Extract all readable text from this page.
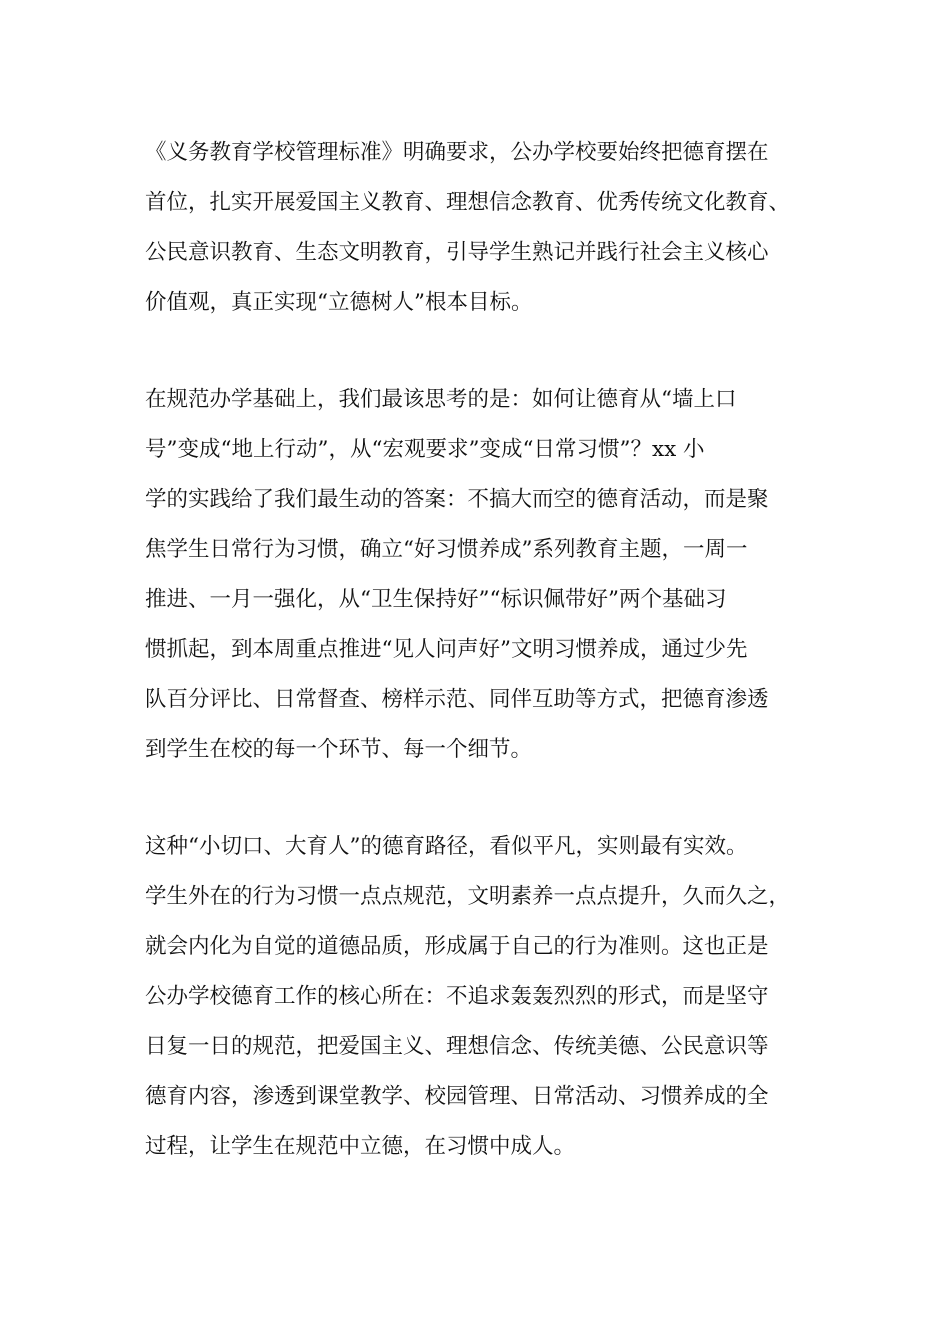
《义务教育学校管理标准》明确要求，公办学校要始终把德育摆在
首位，扎实开展爱国主义教育、理想信念教育、优秀传统文化教育、
公民意识教育、生态文明教育，引导学生熟记并践行社会主义核心
价值观，真正实现“立德树人”根本目标。

在规范办学基础上，我们最该思考的是：如何让德育从“墙上口
号”变成“地上行动”，从“宏观要求”变成“日常习惯”？xx 小
学的实践给了我们最生动的答案：不搞大而空的德育活动，而是聚
焦学生日常行为习惯，确立“好习惯养成”系列教育主题，一周一
推进、一月一强化，从“卫生保持好”“标识佩带好”两个基础习
惯抓起，到本周重点推进“见人问声好”文明习惯养成，通过少先
队百分评比、日常督查、榜样示范、同伴互助等方式，把德育渗透
到学生在校的每一个环节、每一个细节。

这种“小切口、大育人”的德育路径，看似平凡，实则最有实效。
学生外在的行为习惯一点点规范，文明素养一点点提升，久而久之，
就会内化为自觉的道德品质，形成属于自己的行为准则。这也正是
公办学校德育工作的核心所在：不追求轰轰烈烈的形式，而是坚守
日复一日的规范，把爱国主义、理想信念、传统美德、公民意识等
德育内容，渗透到课堂教学、校园管理、日常活动、习惯养成的全
过程，让学生在规范中立德，在习惯中成人。
